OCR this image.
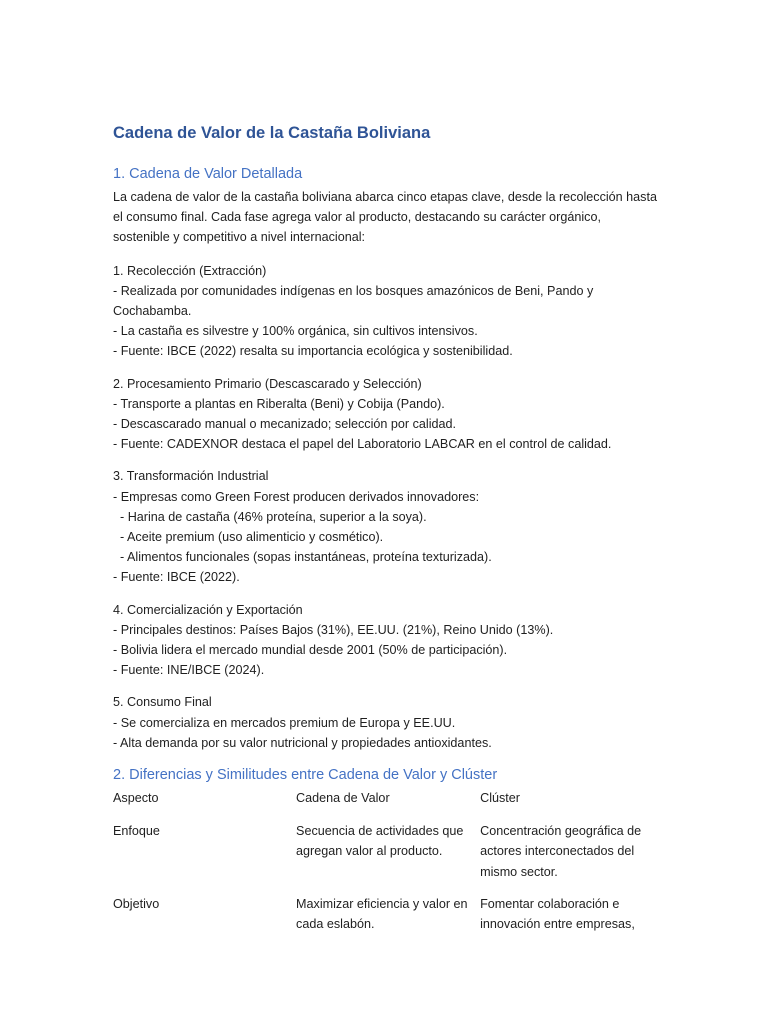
Cadena de Valor de la Castaña Boliviana
1. Cadena de Valor Detallada

La cadena de valor de la castaña boliviana abarca cinco etapas clave, desde la recolección hasta el consumo final. Cada fase agrega valor al producto, destacando su carácter orgánico, sostenible y competitivo a nivel internacional:

1. Recolección (Extracción)
- Realizada por comunidades indígenas en los bosques amazónicos de Beni, Pando y Cochabamba.
- La castaña es silvestre y 100% orgánica, sin cultivos intensivos.
- Fuente: IBCE (2022) resalta su importancia ecológica y sostenibilidad.
2. Procesamiento Primario (Descascarado y Selección)
- Transporte a plantas en Riberalta (Beni) y Cobija (Pando).
- Descascarado manual o mecanizado; selección por calidad.
- Fuente: CADEXNOR destaca el papel del Laboratorio LABCAR en el control de calidad.
3. Transformación Industrial
- Empresas como Green Forest producen derivados innovadores:
- Harina de castaña (46% proteína, superior a la soya).
- Aceite premium (uso alimenticio y cosmético).
- Alimentos funcionales (sopas instantáneas, proteína texturizada).
- Fuente: IBCE (2022).
4. Comercialización y Exportación
- Principales destinos: Países Bajos (31%), EE.UU. (21%), Reino Unido (13%).
- Bolivia lidera el mercado mundial desde 2001 (50% de participación).
- Fuente: INE/IBCE (2024).
5. Consumo Final
- Se comercializa en mercados premium de Europa y EE.UU.
- Alta demanda por su valor nutricional y propiedades antioxidantes.
2. Diferencias y Similitudes entre Cadena de Valor y Clúster
Aspecto	Cadena de Valor	Clúster
Enfoque	Secuencia de actividades que agregan valor al producto.	Concentración geográfica de actores interconectados del mismo sector.
Objetivo	Maximizar eficiencia y valor en cada eslabón.	Fomentar colaboración e innovación entre empresas,
